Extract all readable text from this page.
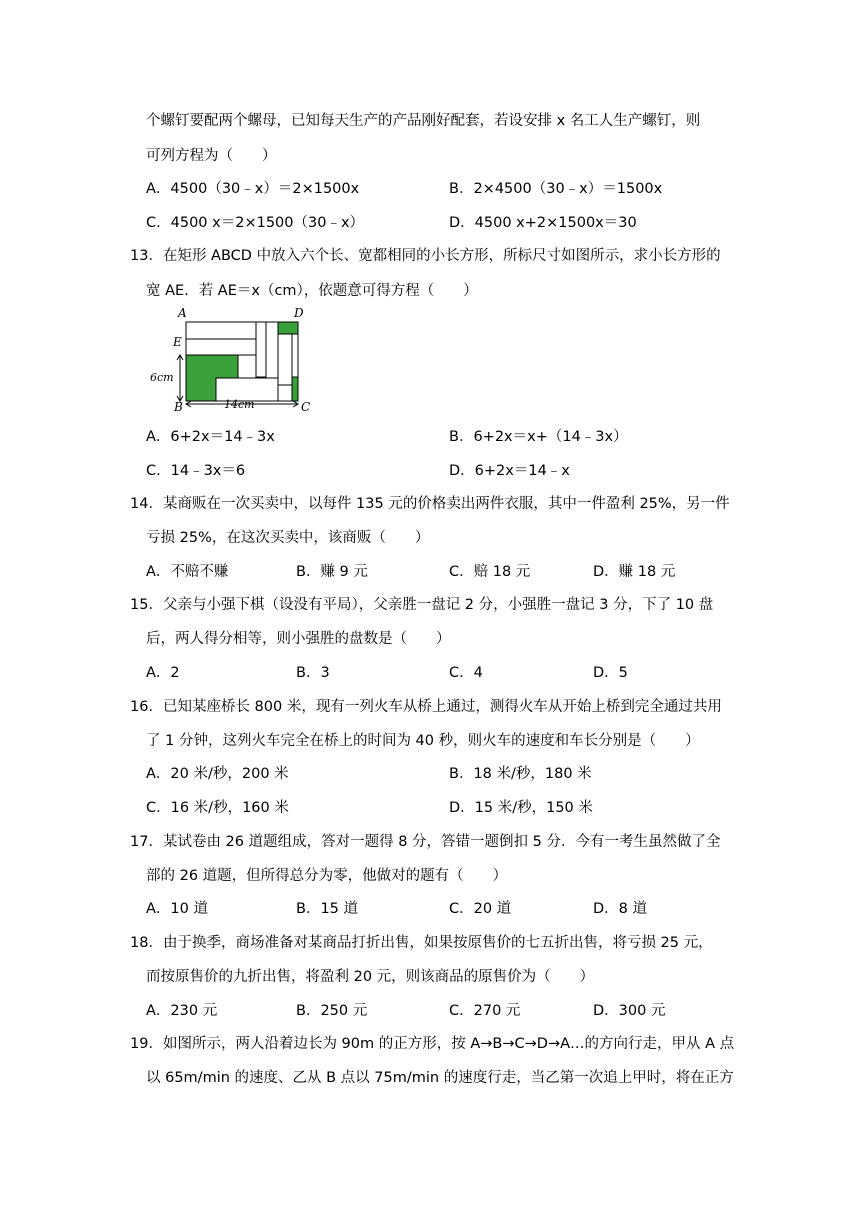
个螺钉要配两个螺母，已知每天生产的产品刚好配套，若设安排 x 名工人生产螺钉，则
可列方程为（　　）
A．4500（30﹣x）＝2×1500x	B．2×4500（30﹣x）＝1500x
C．4500 x＝2×1500（30﹣x）	D．4500 x+2×1500x＝30
13．在矩形 ABCD 中放入六个长、宽都相同的小长方形，所标尺寸如图所示，求小长方形的
宽 AE．若 AE＝x（cm），依题意可得方程（　　）
A	D
E
B	C
6cm
14cm
A．6+2x＝14﹣3x	B．6+2x＝x+（14﹣3x）
C．14﹣3x＝6	D．6+2x＝14﹣x
14．某商贩在一次买卖中，以每件 135 元的价格卖出两件衣服，其中一件盈利 25%，另一件
亏损 25%，在这次买卖中，该商贩（　　）
A．不赔不赚	B．赚 9 元	C．赔 18 元	D．赚 18 元
15．父亲与小强下棋（设没有平局），父亲胜一盘记 2 分，小强胜一盘记 3 分，下了 10 盘
后，两人得分相等，则小强胜的盘数是（　　）
A．2	B．3	C．4	D．5
16．已知某座桥长 800 米，现有一列火车从桥上通过，测得火车从开始上桥到完全通过共用
了 1 分钟，这列火车完全在桥上的时间为 40 秒，则火车的速度和车长分别是（　　）
A．20 米/秒，200 米	B．18 米/秒，180 米
C．16 米/秒，160 米	D．15 米/秒，150 米
17．某试卷由 26 道题组成，答对一题得 8 分，答错一题倒扣 5 分．今有一考生虽然做了全
部的 26 道题，但所得总分为零，他做对的题有（　　）
A．10 道	B．15 道	C．20 道	D．8 道
18．由于换季，商场准备对某商品打折出售，如果按原售价的七五折出售，将亏损 25 元，
而按原售价的九折出售，将盈利 20 元，则该商品的原售价为（　　）
A．230 元	B．250 元	C．270 元	D．300 元
19．如图所示，两人沿着边长为 90m 的正方形，按 A→B→C→D→A…的方向行走，甲从 A 点
以 65m/min 的速度、乙从 B 点以 75m/min 的速度行走，当乙第一次追上甲时，将在正方
